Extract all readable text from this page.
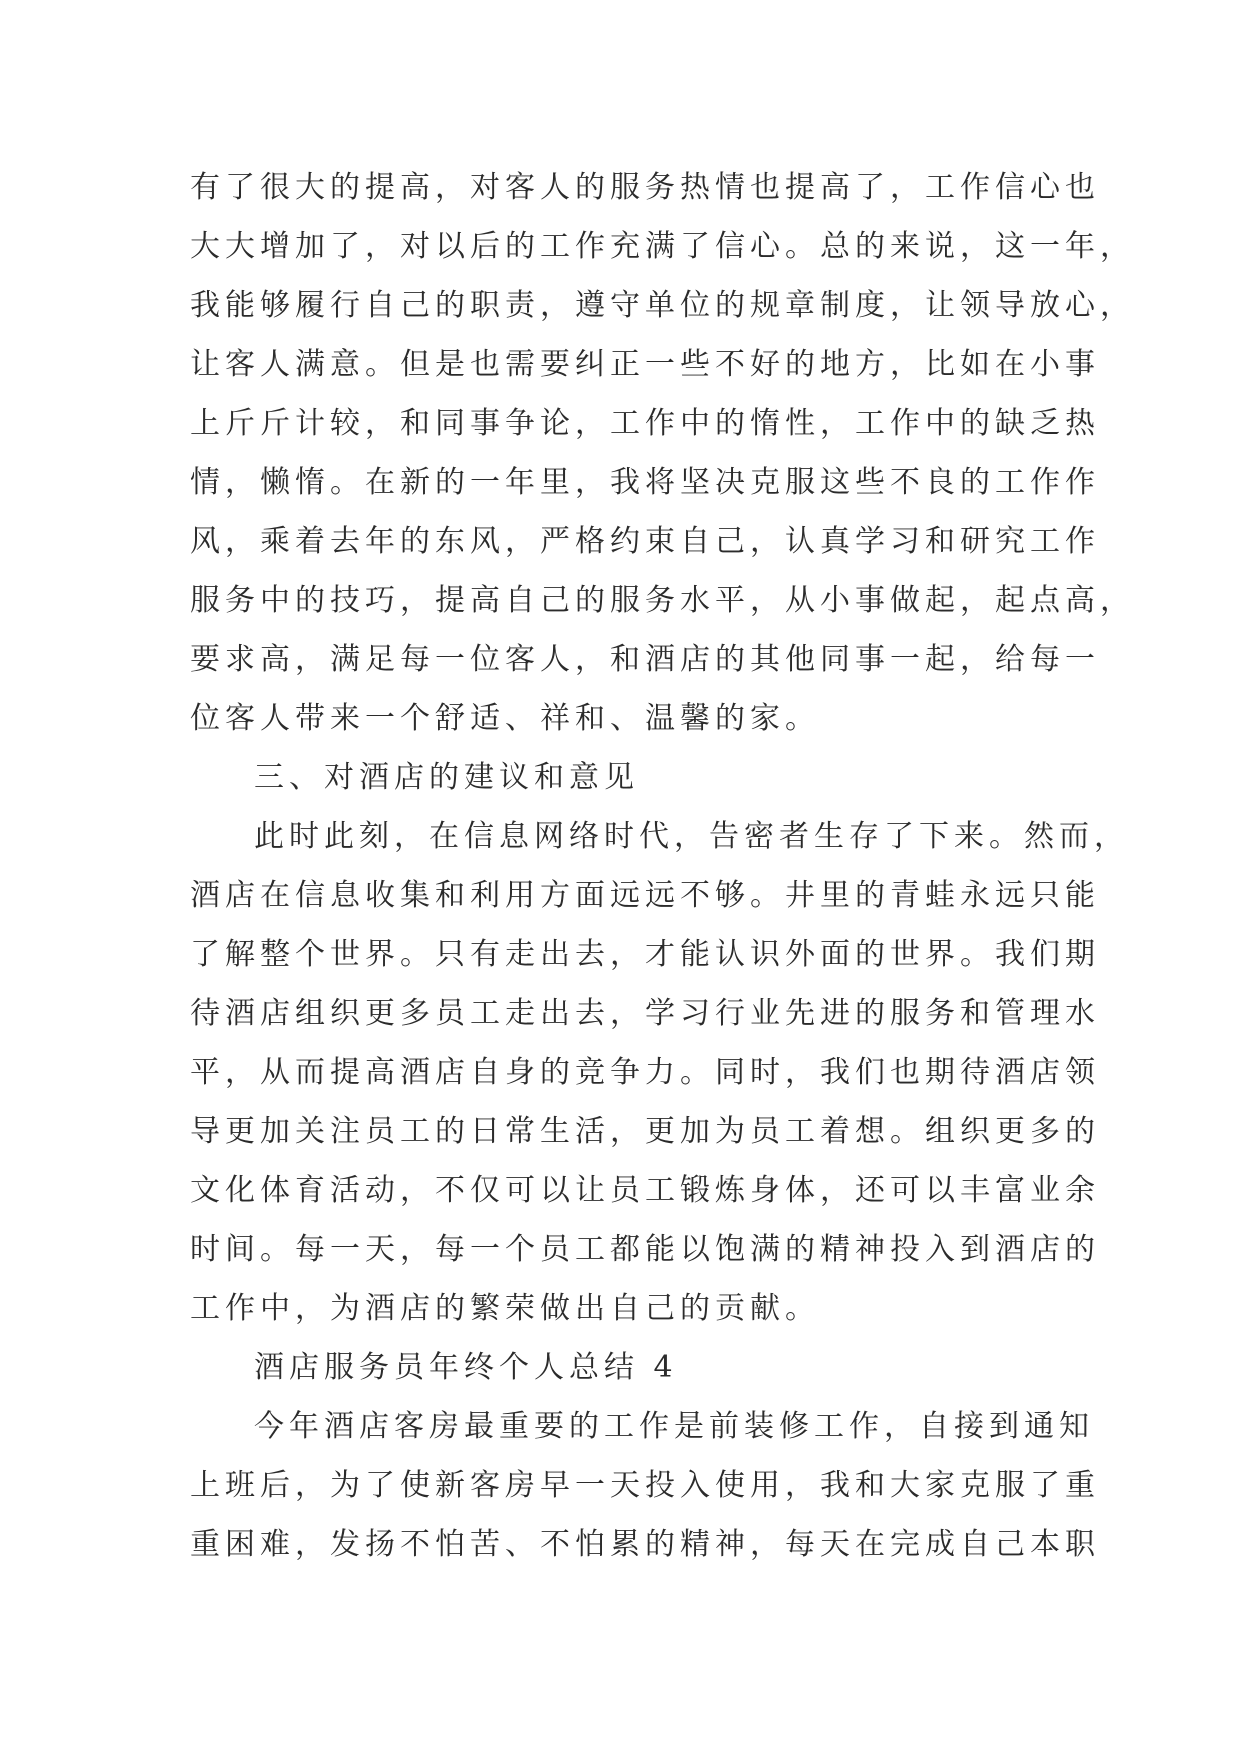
有了很大的提高，对客人的服务热情也提高了，工作信心也
大大增加了，对以后的工作充满了信心。总的来说，这一年，
我能够履行自己的职责，遵守单位的规章制度，让领导放心，
让客人满意。但是也需要纠正一些不好的地方，比如在小事
上斤斤计较，和同事争论，工作中的惰性，工作中的缺乏热
情，懒惰。在新的一年里，我将坚决克服这些不良的工作作
风，乘着去年的东风，严格约束自己，认真学习和研究工作
服务中的技巧，提高自己的服务水平，从小事做起，起点高，
要求高，满足每一位客人，和酒店的其他同事一起，给每一
位客人带来一个舒适、祥和、温馨的家。
三、对酒店的建议和意见
此时此刻，在信息网络时代，告密者生存了下来。然而，
酒店在信息收集和利用方面远远不够。井里的青蛙永远只能
了解整个世界。只有走出去，才能认识外面的世界。我们期
待酒店组织更多员工走出去，学习行业先进的服务和管理水
平，从而提高酒店自身的竞争力。同时，我们也期待酒店领
导更加关注员工的日常生活，更加为员工着想。组织更多的
文化体育活动，不仅可以让员工锻炼身体，还可以丰富业余
时间。每一天，每一个员工都能以饱满的精神投入到酒店的
工作中，为酒店的繁荣做出自己的贡献。
酒店服务员年终个人总结 4
今年酒店客房最重要的工作是前装修工作，自接到通知
上班后，为了使新客房早一天投入使用，我和大家克服了重
重困难，发扬不怕苦、不怕累的精神，每天在完成自己本职
